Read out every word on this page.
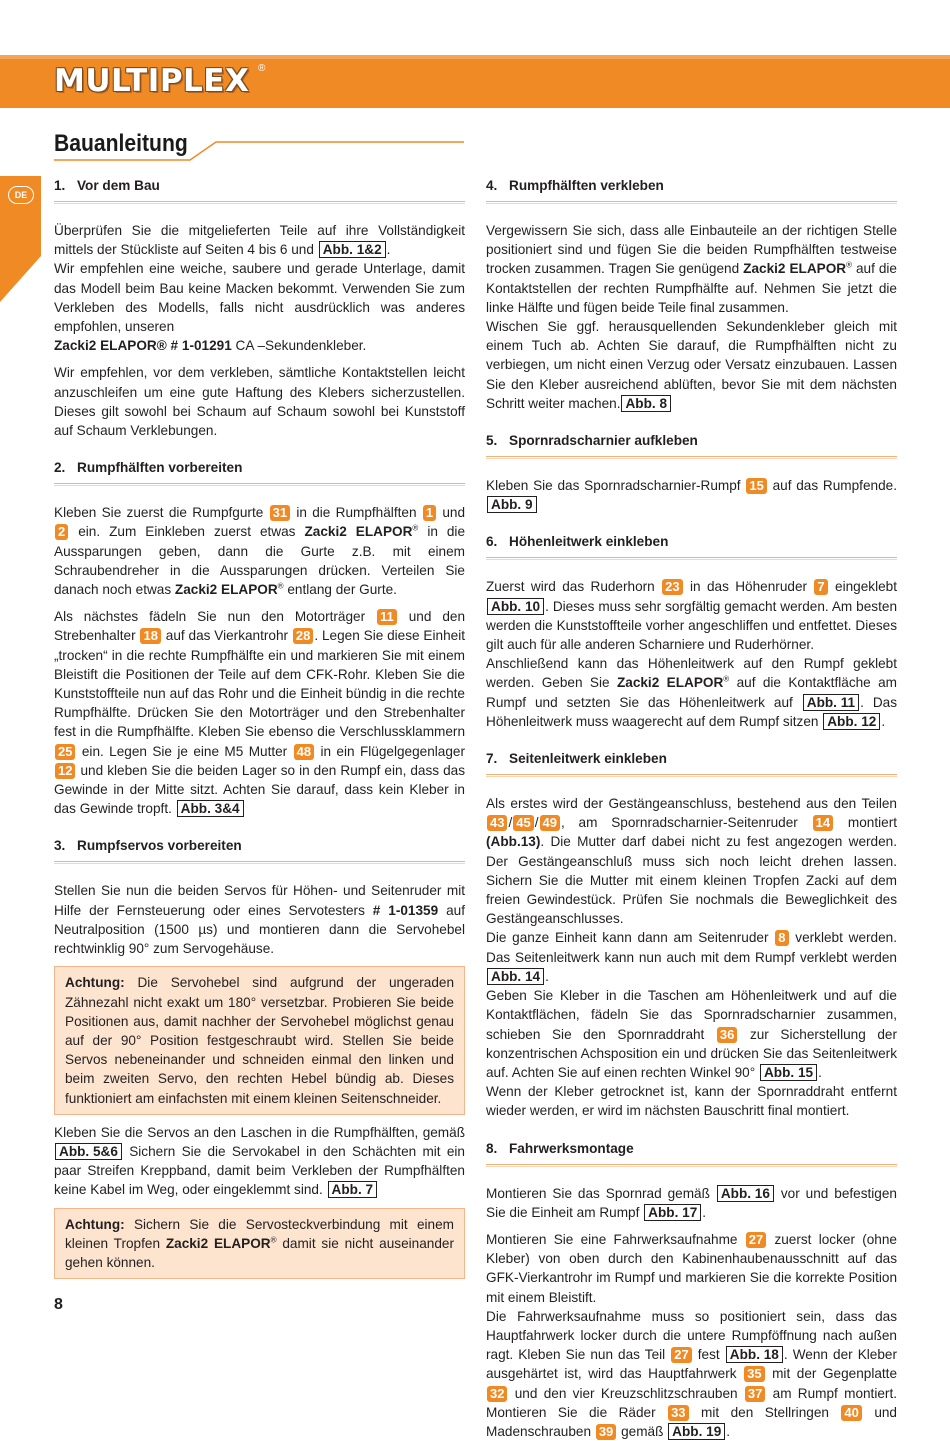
MULTIPLEX ®
Bauanleitung
DE
1. Vor dem Bau

Überprüfen Sie die mitgelieferten Teile auf ihre Vollständigkeit mittels der Stückliste auf Seiten 4 bis 6 und Abb. 1&2 .
Wir empfehlen eine weiche, saubere und gerade Unterlage, damit das Modell beim Bau keine Macken bekommt. Verwenden Sie zum Verkleben des Modells, falls nicht ausdrücklich was anderes empfohlen, unseren
Zacki2 ELAPOR® # 1-01291 CA –Sekundenkleber.

Wir empfehlen, vor dem verkleben, sämtliche Kontaktstellen leicht anzuschleifen um eine gute Haftung des Klebers sicherzustellen. Dieses gilt sowohl bei Schaum auf Schaum sowohl bei Kunststoff auf Schaum Verklebungen.

2. Rumpfhälften vorbereiten

Kleben Sie zuerst die Rumpfgurte 31 in die Rumpfhälften 1 und 2 ein. Zum Einkleben zuerst etwas Zacki2 ELAPOR® in die Aussparungen geben, dann die Gurte z.B. mit einem Schraubendreher in die Aussparungen drücken. Verteilen Sie danach noch etwas Zacki2 ELAPOR® entlang der Gurte.

Als nächstes fädeln Sie nun den Motorträger 11 und den Strebenhalter 18 auf das Vierkantrohr 28 . Legen Sie diese Einheit „trocken“ in die rechte Rumpfhälfte ein und markieren Sie mit einem Bleistift die Positionen der Teile auf dem CFK-Rohr. Kleben Sie die Kunststoffteile nun auf das Rohr und die Einheit bündig in die rechte Rumpfhälfte. Drücken Sie den Motorträger und den Strebenhalter fest in die Rumpfhälfte. Kleben Sie ebenso die Verschlussklammern 25 ein. Legen Sie je eine M5 Mutter 48 in ein Flügelgegenlager 12 und kleben Sie die beiden Lager so in den Rumpf ein, dass das Gewinde in der Mitte sitzt. Achten Sie darauf, dass kein Kleber in das Gewinde tropft. Abb. 3&4

3. Rumpfservos vorbereiten

Stellen Sie nun die beiden Servos für Höhen- und Seitenruder mit Hilfe der Fernsteuerung oder eines Servotesters # 1-01359 auf Neutralposition (1500 µs) und montieren dann die Servohebel rechtwinklig 90° zum Servogehäuse.

Achtung: Die Servohebel sind aufgrund der ungeraden Zähnezahl nicht exakt um 180° versetzbar. Probieren Sie beide Positionen aus, damit nachher der Servohebel möglichst genau auf der 90° Position festgeschraubt wird. Stellen Sie beide Servos nebeneinander und schneiden einmal den linken und beim zweiten Servo, den rechten Hebel bündig ab. Dieses funktioniert am einfachsten mit einem kleinen Seitenschneider.

Kleben Sie die Servos an den Laschen in die Rumpfhälften, gemäß Abb. 5&6 Sichern Sie die Servokabel in den Schächten mit ein paar Streifen Kreppband, damit beim Verkleben der Rumpfhälften keine Kabel im Weg, oder eingeklemmt sind. Abb. 7

Achtung: Sichern Sie die Servosteckverbindung mit einem kleinen Tropfen Zacki2 ELAPOR® damit sie nicht auseinander gehen können.

4. Rumpfhälften verkleben

Vergewissern Sie sich, dass alle Einbauteile an der richtigen Stelle positioniert sind und fügen Sie die beiden Rumpfhälften testweise trocken zusammen. Tragen Sie genügend Zacki2 ELAPOR® auf die Kontaktstellen der rechten Rumpfhälfte auf. Nehmen Sie jetzt die linke Hälfte und fügen beide Teile final zusammen.
Wischen Sie ggf. herausquellenden Sekundenkleber gleich mit einem Tuch ab. Achten Sie darauf, die Rumpfhälften nicht zu verbiegen, um nicht einen Verzug oder Versatz einzubauen. Lassen Sie den Kleber ausreichend ablüften, bevor Sie mit dem nächsten Schritt weiter machen. Abb. 8

5. Spornradscharnier aufkleben

Kleben Sie das Spornradscharnier-Rumpf 15 auf das Rumpfende. Abb. 9

6. Höhenleitwerk einkleben

Zuerst wird das Ruderhorn 23 in das Höhenruder 7 eingeklebt Abb. 10 . Dieses muss sehr sorgfältig gemacht werden. Am besten werden die Kunststoffteile vorher angeschliffen und entfettet. Dieses gilt auch für alle anderen Scharniere und Ruderhörner.
Anschließend kann das Höhenleitwerk auf den Rumpf geklebt werden. Geben Sie Zacki2 ELAPOR® auf die Kontaktfläche am Rumpf und setzten Sie das Höhenleitwerk auf Abb. 11 . Das Höhenleitwerk muss waagerecht auf dem Rumpf sitzen Abb. 12 .

7. Seitenleitwerk einkleben

Als erstes wird der Gestängeanschluss, bestehend aus den Teilen 43 / 45 / 49 , am Spornradscharnier-Seitenruder 14 montiert (Abb.13). Die Mutter darf dabei nicht zu fest angezogen werden. Der Gestängeanschluß muss sich noch leicht drehen lassen. Sichern Sie die Mutter mit einem kleinen Tropfen Zacki auf dem freien Gewindestück. Prüfen Sie nochmals die Beweglichkeit des Gestängeanschlusses.
Die ganze Einheit kann dann am Seitenruder 8 verklebt werden. Das Seitenleitwerk kann nun auch mit dem Rumpf verklebt werden Abb. 14 .
Geben Sie Kleber in die Taschen am Höhenleitwerk und auf die Kontaktflächen, fädeln Sie das Spornradscharnier zusammen, schieben Sie den Spornraddraht 36 zur Sicherstellung der konzentrischen Achsposition ein und drücken Sie das Seitenleitwerk auf. Achten Sie auf einen rechten Winkel 90° Abb. 15 .
Wenn der Kleber getrocknet ist, kann der Spornraddraht entfernt wieder werden, er wird im nächsten Bauschritt final montiert.

8. Fahrwerksmontage

Montieren Sie das Spornrad gemäß Abb. 16 vor und befestigen Sie die Einheit am Rumpf Abb. 17 .

Montieren Sie eine Fahrwerksaufnahme 27 zuerst locker (ohne Kleber) von oben durch den Kabinenhaubenausschnitt auf das GFK-Vierkantrohr im Rumpf und markieren Sie die korrekte Position mit einem Bleistift.
Die Fahrwerksaufnahme muss so positioniert sein, dass das Hauptfahrwerk locker durch die untere Rumpföffnung nach außen ragt. Kleben Sie nun das Teil 27 fest Abb. 18 . Wenn der Kleber ausgehärtet ist, wird das Hauptfahrwerk 35 mit der Gegenplatte 32 und den vier Kreuzschlitzschrauben 37 am Rumpf montiert. Montieren Sie die Räder 33 mit den Stellringen 40 und Madenschrauben 39 gemäß Abb. 19 .

8
